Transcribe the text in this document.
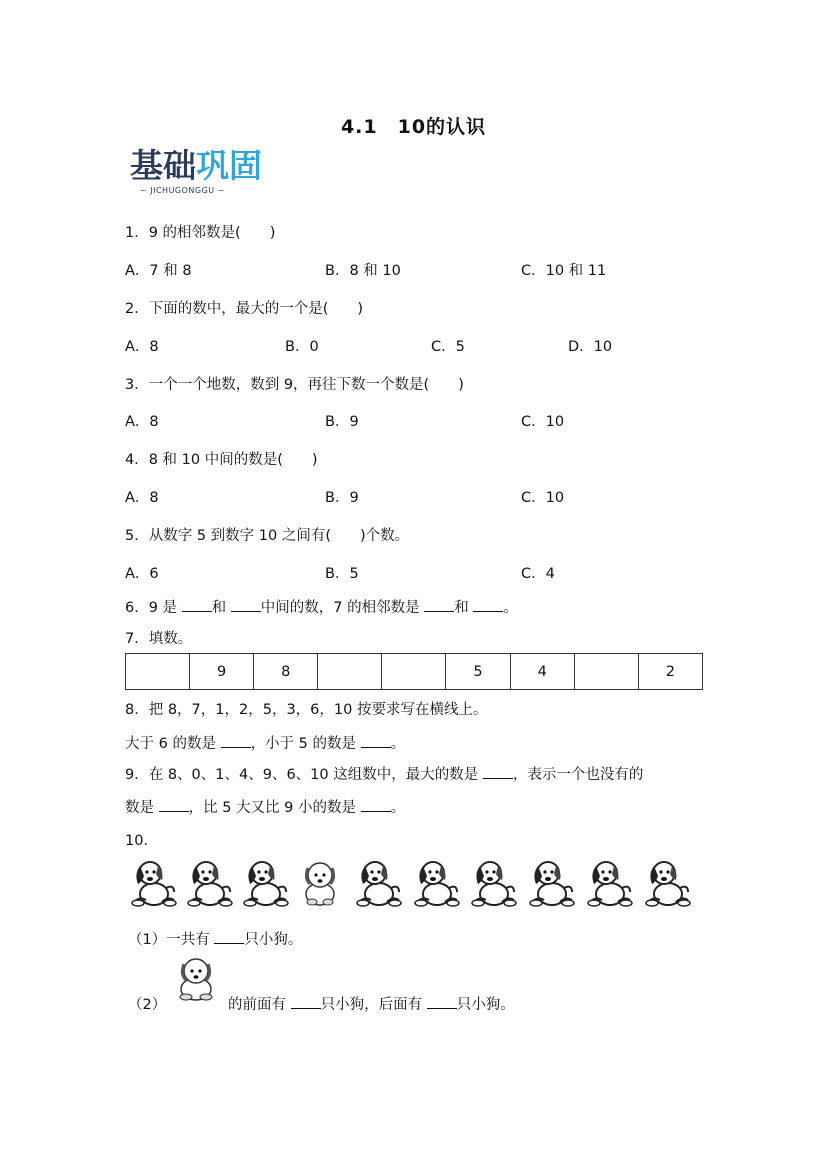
4.1　10的认识
基础巩固
~ JICHUGONGGU ~
1．9 的相邻数是(　　)
A．7 和 8	B．8 和 10	C．10 和 11
2．下面的数中，最大的一个是(　　)
A．8	B．0	C．5	D．10
3．一个一个地数，数到 9，再往下数一个数是(　　)
A．8	B．9	C．10
4．8 和 10 中间的数是(　　)
A．8	B．9	C．10
5．从数字 5 到数字 10 之间有(　　)个数。
A．6	B．5	C．4
6．9 是 和 中间的数，7 的相邻数是 和 。
7．填数。
	9	8			5	4		2
8．把 8，7，1，2，5，3，6，10 按要求写在横线上。
大于 6 的数是 ，小于 5 的数是 。
9．在 8、0、1、4、9、6、10 这组数中，最大的数是 ，表示一个也没有的
数是 ，比 5 大又比 9 小的数是 。
10．
（1）一共有 只小狗。
（2）	的前面有 只小狗，后面有 只小狗。
